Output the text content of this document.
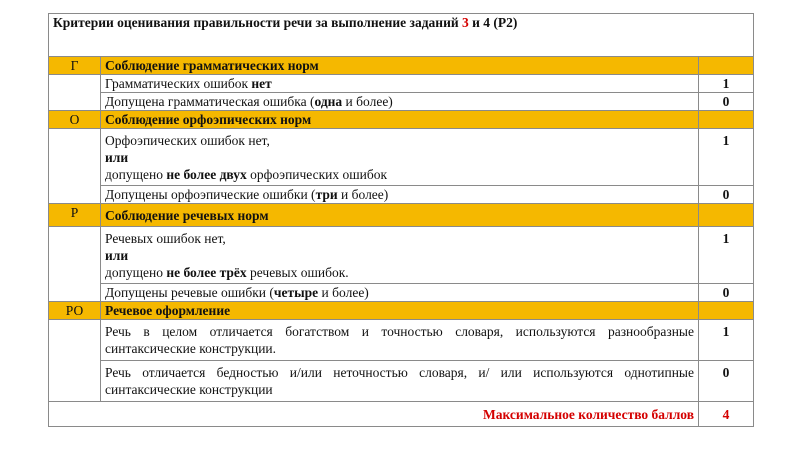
Критерии оценивания правильности речи за выполнение заданий 3 и 4 (Р2)		
Г	Соблюдение грамматических норм	
	Грамматических ошибок нет	1
	Допущена грамматическая ошибка (одна и более)	0
О	Соблюдение орфоэпических норм	

	Орфоэпических ошибок нет,
или
допущено не более двух орфоэпических ошибок	1
	Допущены орфоэпические ошибки (три и более)	0
Р	Соблюдение речевых норм	

	Речевых ошибок нет,
или
допущено не более трёх речевых ошибок.	1
	Допущены речевые ошибки (четыре и более)	0
РО	Речевое оформление	
	Речь в целом отличается богатством и точностью словаря, используются разнообразные синтаксические конструкции.	1
	Речь отличается бедностью и/или неточностью словаря, и/ или используются однотипные синтаксические конструкции	0
Максимальное количество баллов		4
